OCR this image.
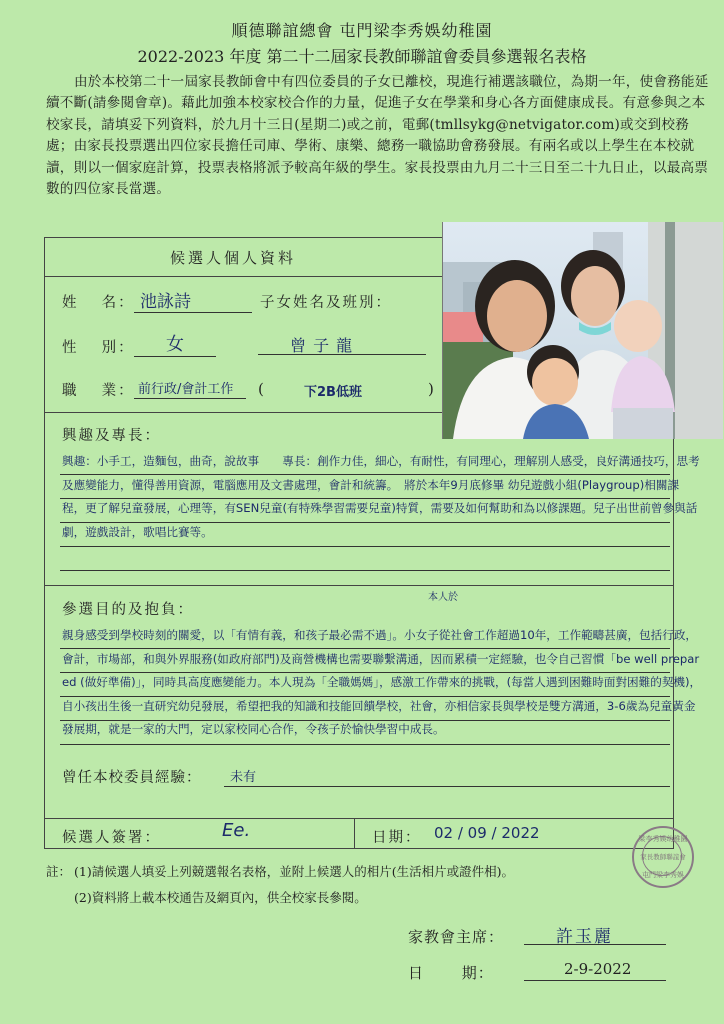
順德聯誼總會 屯門梁李秀娛幼稚園
2022-2023 年度 第二十二屆家長教師聯誼會委員參選報名表格
由於本校第二十一屆家長教師會中有四位委員的子女已離校，現進行補選該職位，為期一年，使會務能延續不斷(請參閱會章)。藉此加強本校家校合作的力量，促進子女在學業和身心各方面健康成長。有意參與之本校家長，請填妥下列資料，於九月十三日(星期二)或之前，電郵(tmllsykg@netvigator.com)或交到校務處；由家長投票選出四位家長擔任司庫、學術、康樂、總務一職協助會務發展。有兩名或以上學生在本校就讀，則以一個家庭計算，投票表格將派予較高年級的學生。家長投票由九月二十三日至二十九日止，以最高票數的四位家長當選。
候選人個人資料
姓　 名： 池詠詩	子女姓名及班別：
性　 別： 女	曾 子 龍
職　 業： 前行政/會計工作 (	下2B低班	)
興趣及專長：
興趣：小手工，造麵包，曲奇，說故事　　專長：創作力佳，細心，有耐性，有同理心，理解別人感受，良好溝通技巧，思考及應變能力，懂得善用資源，電腦應用及文書處理，會計和統籌。　將於本年9月底修畢 幼兒遊戲小組(Playgroup)相關課程，更了解兒童發展，心理等，有SEN兒童(有特殊學習需要兒童)特質，需要及如何幫助和為以修課題。兒子出世前曾參與話劇，遊戲設計，歌唱比賽等。
本人於
參選目的及抱負：
親身感受到學校時刻的關愛，以「有情有義，和孩子最必需不過」。小女子從社會工作超過10年，工作範疇甚廣，包括行政，會計，市場部，和與外界服務(如政府部門)及商營機構也需要聯繫溝通，因而累積一定經驗，也令自己習慣「be well prepared (做好準備)」，同時具高度應變能力。本人現為「全職媽媽」，感激工作帶來的挑戰，(每當人遇到困難時面對困難的契機)，自小孩出生後一直研究幼兒發展，希望把我的知識和技能回饋學校，社會，亦相信家長與學校是雙方溝通，3-6歲為兒童黃金發展期，就是一家的大門，定以家校同心合作，令孩子於愉快學習中成長。
曾任本校委員經驗： 未有
候選人簽署：	Ee.	日期： 02 / 09 / 2022	梁李秀娛幼稚園
家長教師聯誼會
屯門梁李秀娛
註： (1)請候選人填妥上列競選報名表格，並附上候選人的相片(生活相片或證件相)。
(2)資料將上載本校通告及網頁內，供全校家長參閱。
家教會主席：	許玉麗
日　　 期：	2-9-2022
